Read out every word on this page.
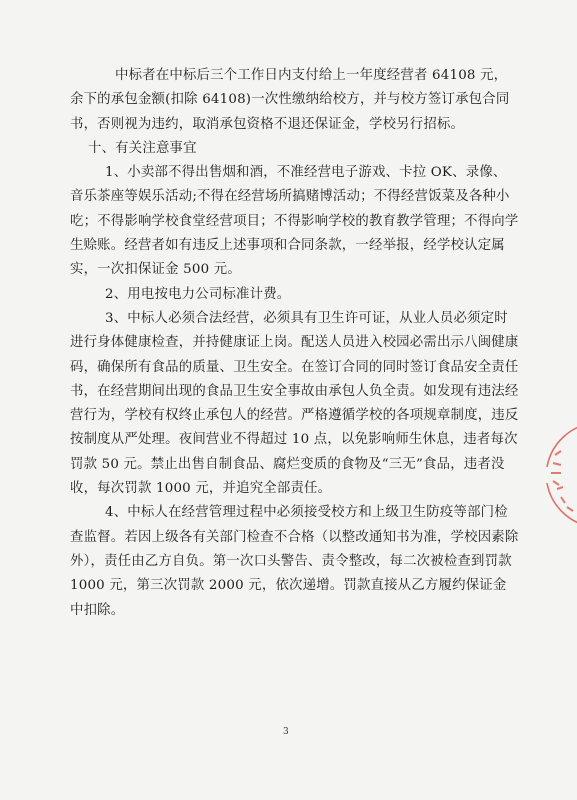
中标者在中标后三个工作日内支付给上一年度经营者 64108 元，余下的承包金额(扣除 64108)一次性缴纳给校方，并与校方签订承包合同书，否则视为违约，取消承包资格不退还保证金，学校另行招标。

十、有关注意事宜

1、小卖部不得出售烟和酒，不准经营电子游戏、卡拉 OK、录像、音乐茶座等娱乐活动;不得在经营场所搞赌博活动；不得经营饭菜及各种小吃；不得影响学校食堂经营项目；不得影响学校的教育教学管理；不得向学生赊账。经营者如有违反上述事项和合同条款，一经举报，经学校认定属实，一次扣保证金 500 元。

2、用电按电力公司标准计费。

3、中标人必须合法经营，必须具有卫生许可证，从业人员必须定时进行身体健康检查，并持健康证上岗。配送人员进入校园必需出示八闽健康码，确保所有食品的质量、卫生安全。在签订合同的同时签订食品安全责任书，在经营期间出现的食品卫生安全事故由承包人负全责。如发现有违法经营行为，学校有权终止承包人的经营。严格遵循学校的各项规章制度，违反按制度从严处理。夜间营业不得超过 10 点，以免影响师生休息，违者每次罚款 50 元。禁止出售自制食品、腐烂变质的食物及“三无”食品，违者没收，每次罚款 1000 元，并追究全部责任。

4、中标人在经营管理过程中必须接受校方和上级卫生防疫等部门检查监督。若因上级各有关部门检查不合格（以整改通知书为准，学校因素除外），责任由乙方自负。第一次口头警告、责令整改，每二次被检查到罚款 1000 元，第三次罚款 2000 元，依次递增。罚款直接从乙方履约保证金中扣除。

3
